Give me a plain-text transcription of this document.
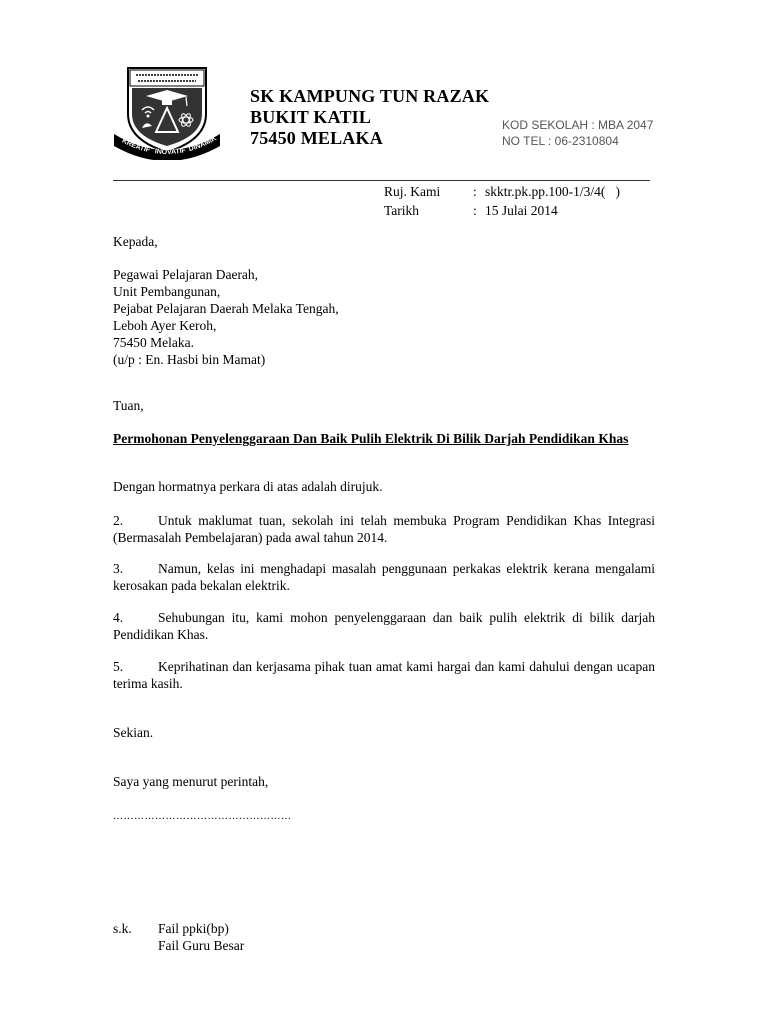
KREATIF INOVATIF DINAMIK
SK KAMPUNG TUN RAZAK
BUKIT KATIL
75450 MELAKA
KOD SEKOLAH : MBA 2047
NO TEL : 06-2310804
Ruj. Kami	: skktr.pk.pp.100-1/3/4(   )
Tarikh	: 15 Julai 2014
Kepada,
Pegawai Pelajaran Daerah,
Unit Pembangunan,
Pejabat Pelajaran Daerah Melaka Tengah,
Leboh Ayer Keroh,
75450 Melaka.
(u/p : En. Hasbi bin Mamat)
Tuan,
Permohonan Penyelenggaraan Dan Baik Pulih Elektrik Di Bilik Darjah Pendidikan Khas
Dengan hormatnya perkara di atas adalah dirujuk.
2.	Untuk maklumat tuan, sekolah ini telah membuka Program Pendidikan Khas Integrasi (Bermasalah Pembelajaran) pada awal tahun 2014.
3.	Namun, kelas ini menghadapi masalah penggunaan perkakas elektrik kerana mengalami kerosakan pada bekalan elektrik.
4.	Sehubungan itu, kami mohon penyelenggaraan dan baik pulih elektrik di bilik darjah Pendidikan Khas.
5.	Keprihatinan dan kerjasama pihak tuan amat kami hargai dan kami dahului dengan ucapan terima kasih.
Sekian.
Saya yang menurut perintah,
……………………………………………
s.k.	Fail ppki(bp)
Fail Guru Besar
